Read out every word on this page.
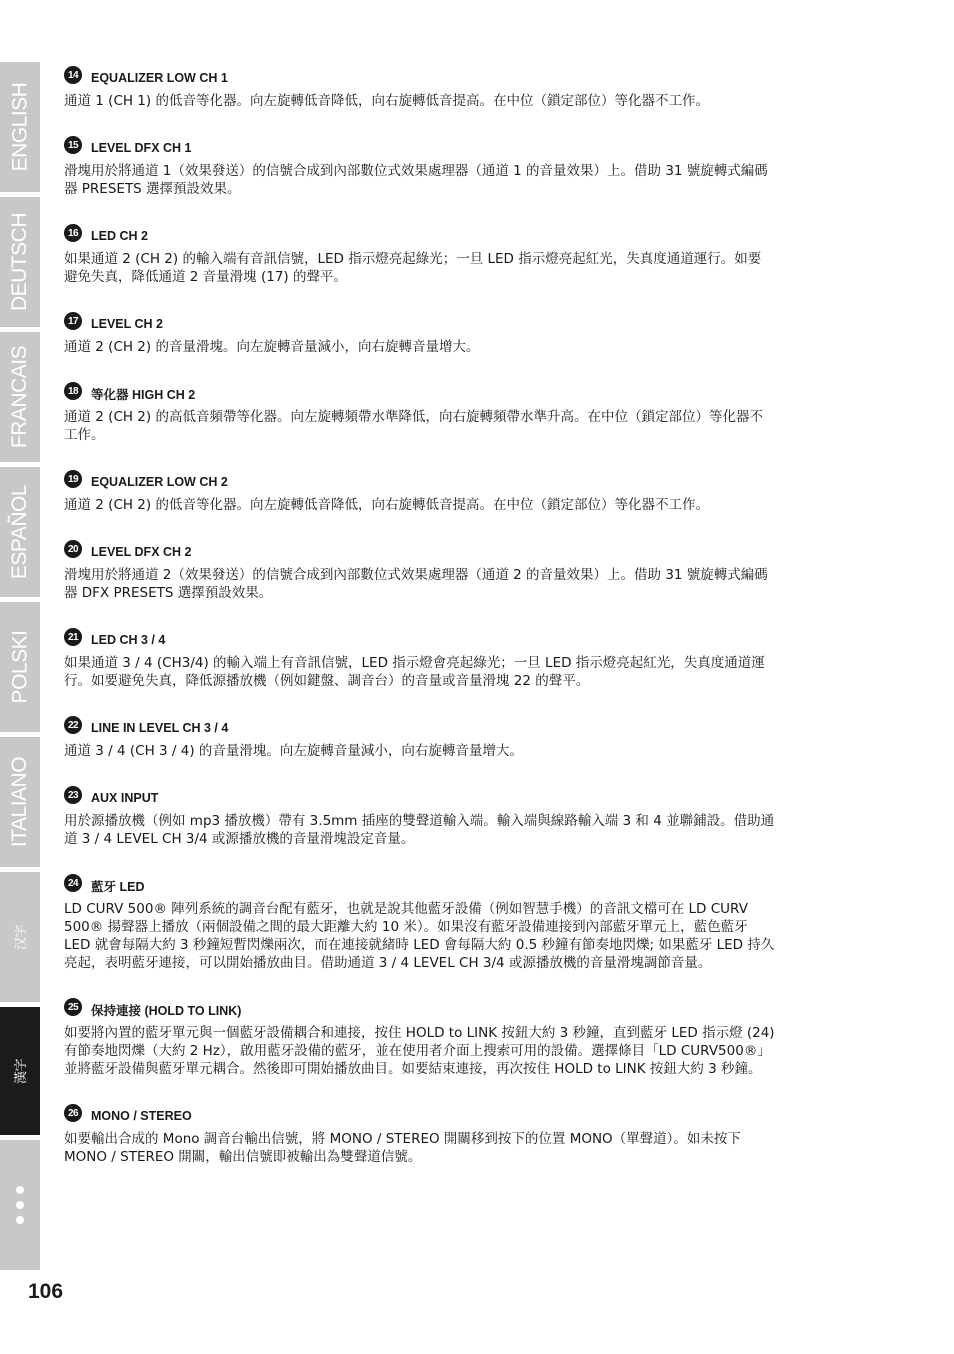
ENGLISH
DEUTSCH
FRANCAIS
ESPAÑOL
POLSKI
ITALIANO
汉字
漢字
14	EQUALIZER LOW CH 1
通道 1 (CH 1) 的低音等化器。向左旋轉低音降低，向右旋轉低音提高。在中位（鎖定部位）等化器不工作。
15	LEVEL DFX CH 1
滑塊用於將通道 1（效果發送）的信號合成到內部數位式效果處理器（通道 1 的音量效果）上。借助 31 號旋轉式編碼
器 PRESETS 選擇預設效果。
16	LED CH 2
如果通道 2 (CH 2) 的輸入端有音訊信號，LED 指示燈亮起綠光；一旦 LED 指示燈亮起紅光，失真度通道運行。如要
避免失真，降低通道 2 音量滑塊 (17) 的聲平。
17	LEVEL CH 2
通道 2 (CH 2) 的音量滑塊。向左旋轉音量減小，向右旋轉音量增大。
18	等化器 HIGH CH 2
通道 2 (CH 2) 的高低音頻帶等化器。向左旋轉頻帶水準降低，向右旋轉頻帶水準升高。在中位（鎖定部位）等化器不
工作。
19	EQUALIZER LOW CH 2
通道 2 (CH 2) 的低音等化器。向左旋轉低音降低，向右旋轉低音提高。在中位（鎖定部位）等化器不工作。
20	LEVEL DFX CH 2
滑塊用於將通道 2（效果發送）的信號合成到內部數位式效果處理器（通道 2 的音量效果）上。借助 31 號旋轉式編碼
器 DFX PRESETS 選擇預設效果。
21	LED CH 3 / 4
如果通道 3 / 4 (CH3/4) 的輸入端上有音訊信號，LED 指示燈會亮起綠光；一旦 LED 指示燈亮起紅光，失真度通道運
行。如要避免失真，降低源播放機（例如鍵盤、調音台）的音量或音量滑塊 22 的聲平。
22	LINE IN LEVEL CH 3 / 4
通道 3 / 4 (CH 3 / 4) 的音量滑塊。向左旋轉音量減小，向右旋轉音量增大。
23	AUX INPUT
用於源播放機（例如 mp3 播放機）帶有 3.5mm 插座的雙聲道輸入端。輸入端與線路輸入端 3 和 4 並聯鋪設。借助通
道 3 / 4 LEVEL CH 3/4 或源播放機的音量滑塊設定音量。
24	藍牙 LED
LD CURV 500® 陣列系統的調音台配有藍牙，也就是說其他藍牙設備（例如智慧手機）的音訊文檔可在 LD CURV
500® 揚聲器上播放（兩個設備之間的最大距離大約 10 米）。如果沒有藍牙設備連接到內部藍牙單元上，藍色藍牙
LED 就會每隔大約 3 秒鐘短暫閃爍兩次，而在連接就緒時 LED 會每隔大約 0.5 秒鐘有節奏地閃爍; 如果藍牙 LED 持久
亮起，表明藍牙連接，可以開始播放曲目。借助通道 3 / 4 LEVEL CH 3/4 或源播放機的音量滑塊調節音量。
25	保持連接 (HOLD TO LINK)
如要將內置的藍牙單元與一個藍牙設備耦合和連接，按住 HOLD to LINK 按鈕大約 3 秒鐘，直到藍牙 LED 指示燈 (24)
有節奏地閃爍（大約 2 Hz），啟用藍牙設備的藍牙，並在使用者介面上搜索可用的設備。選擇條目「LD CURV500®」
並將藍牙設備與藍牙單元耦合。然後即可開始播放曲目。如要結束連接，再次按住 HOLD to LINK 按鈕大約 3 秒鐘。
26	MONO / STEREO
如要輸出合成的 Mono 調音台輸出信號，將 MONO / STEREO 開關移到按下的位置 MONO（單聲道）。如未按下
MONO / STEREO 開關，輸出信號即被輸出為雙聲道信號。
106
